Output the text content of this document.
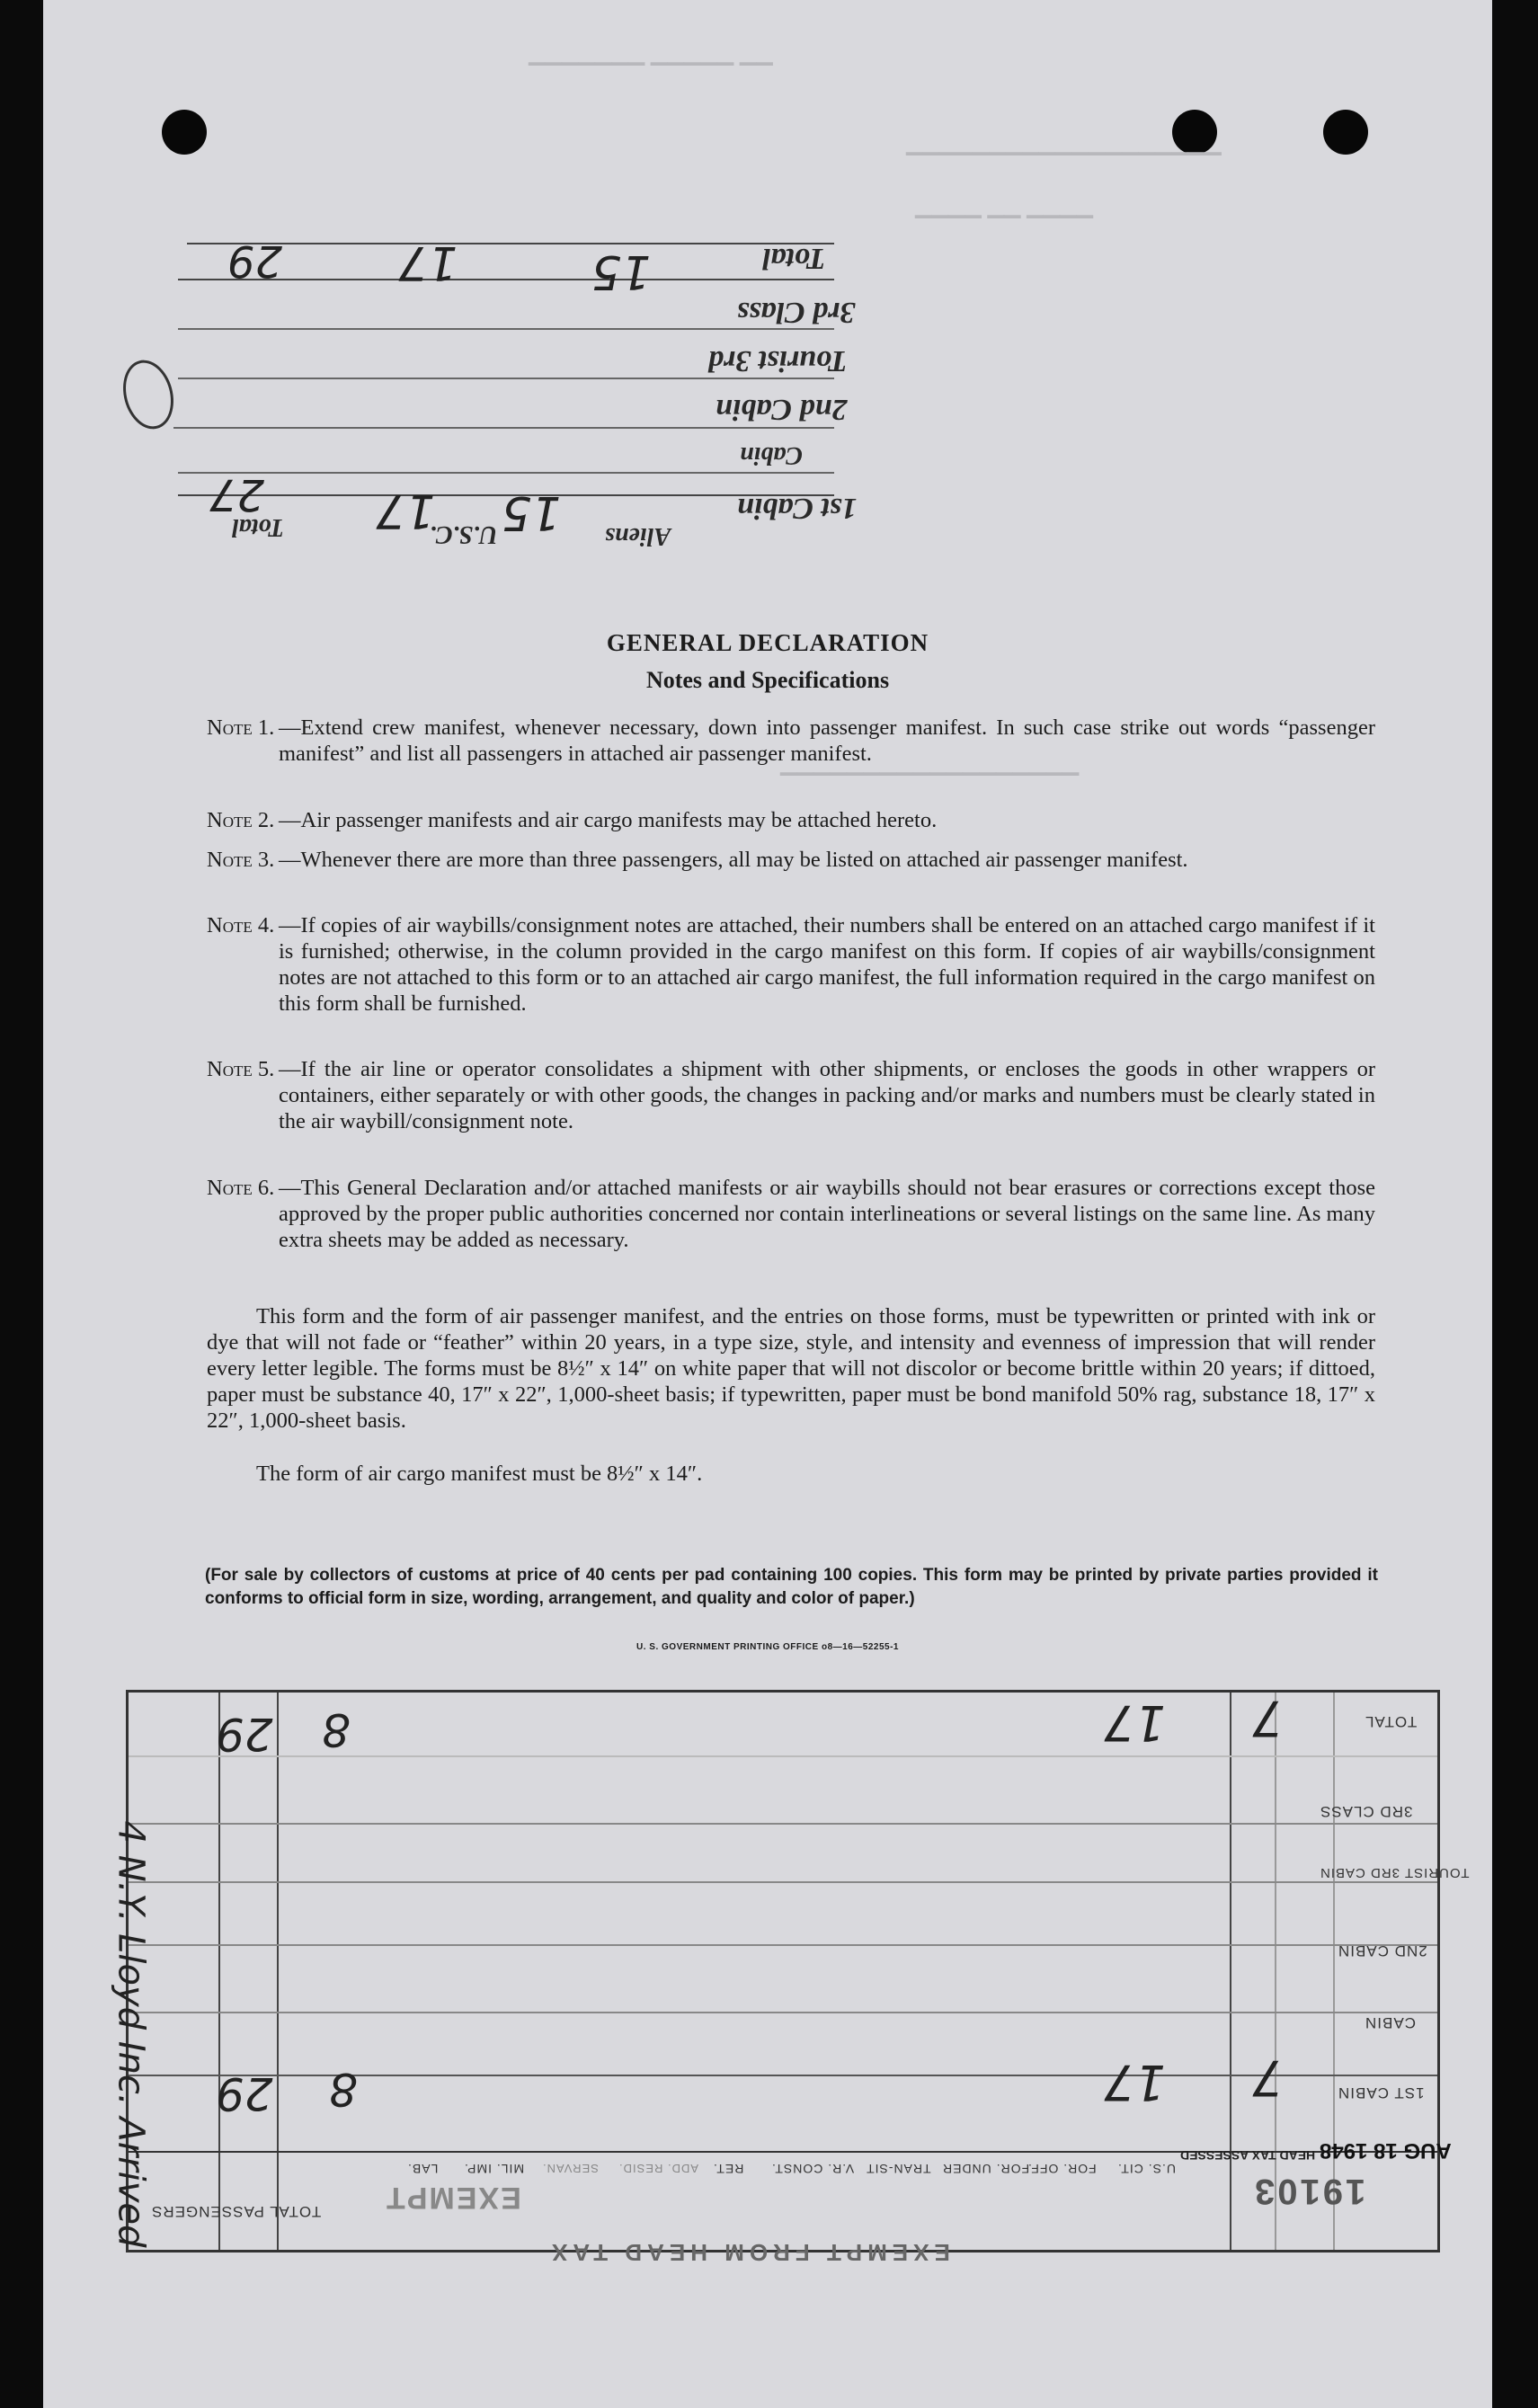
▔▔▔▔▔▔▔ ▔▔▔▔▔ ▔▔
▔▔▔▔▔▔▔▔▔▔▔▔▔▔▔▔▔▔▔
▔▔▔▔ ▔▔ ▔▔▔▔
▔▔▔▔▔▔▔▔▔▔▔▔▔▔▔▔▔▔
Total
3rd Class
Tourist 3rd
2nd Cabin
Cabin
1st Cabin
Aliens
U.S.C.
Total
15
17
29
15
17
27
GENERAL DECLARATION
Notes and Specifications
Note 1. —Extend crew manifest, whenever necessary, down into passenger manifest. In such case strike out words “passenger manifest” and list all passengers in attached air passenger manifest.
Note 2. —Air passenger manifests and air cargo manifests may be attached hereto.
Note 3. —Whenever there are more than three passengers, all may be listed on attached air passenger manifest.
Note 4. —If copies of air waybills/consignment notes are attached, their numbers shall be entered on an attached cargo manifest if it is furnished; otherwise, in the column provided in the cargo manifest on this form. If copies of air waybills/consignment notes are not attached to this form or to an attached air cargo manifest, the full information required in the cargo manifest on this form shall be furnished.
Note 5. —If the air line or operator consolidates a shipment with other shipments, or encloses the goods in other wrappers or containers, either separately or with other goods, the changes in packing and/or marks and numbers must be clearly stated in the air waybill/consignment note.
Note 6. —This General Declaration and/or attached manifests or air waybills should not bear erasures or corrections except those approved by the proper public authorities concerned nor contain interlineations or several listings on the same line. As many extra sheets may be added as necessary.
This form and the form of air passenger manifest, and the entries on those forms, must be typewritten or printed with ink or dye that will not fade or “feather” within 20 years, in a type size, style, and intensity and evenness of impression that will render every letter legible. The forms must be 8½″ x 14″ on white paper that will not discolor or become brittle within 20 years; if dittoed, paper must be substance 40, 17″ x 22″, 1,000-sheet basis; if typewritten, paper must be bond manifold 50% rag, substance 18, 17″ x 22″, 1,000-sheet basis.
The form of air cargo manifest must be 8½″ x 14″.
(For sale by collectors of customs at price of 40 cents per pad containing 100 copies. This form may be printed by private parties provided it conforms to official form in size, wording, arrangement, and quality and color of paper.)
U. S. GOVERNMENT PRINTING OFFICE o8—16—52255-1
TOTAL
3RD CLASS
TOURIST 3RD CABIN
2ND CABIN
CABIN
1ST CABIN
U.S. CIT.
FOR. OFF.
FOR. UNDER
TRAN-SIT
V.R. CONST.
RET.
ADD. RESID.
SERVAN.
MIL. IMP.
LAB.
TOTAL PASSENGERS
7
17
8
29
7
17
8
29
19103
HEAD TAX ASSESSED AUG 18 1948
EXEMPT
EXEMPT FROM HEAD TAX
4 N.Y. Lloyd Inc. Arrived
